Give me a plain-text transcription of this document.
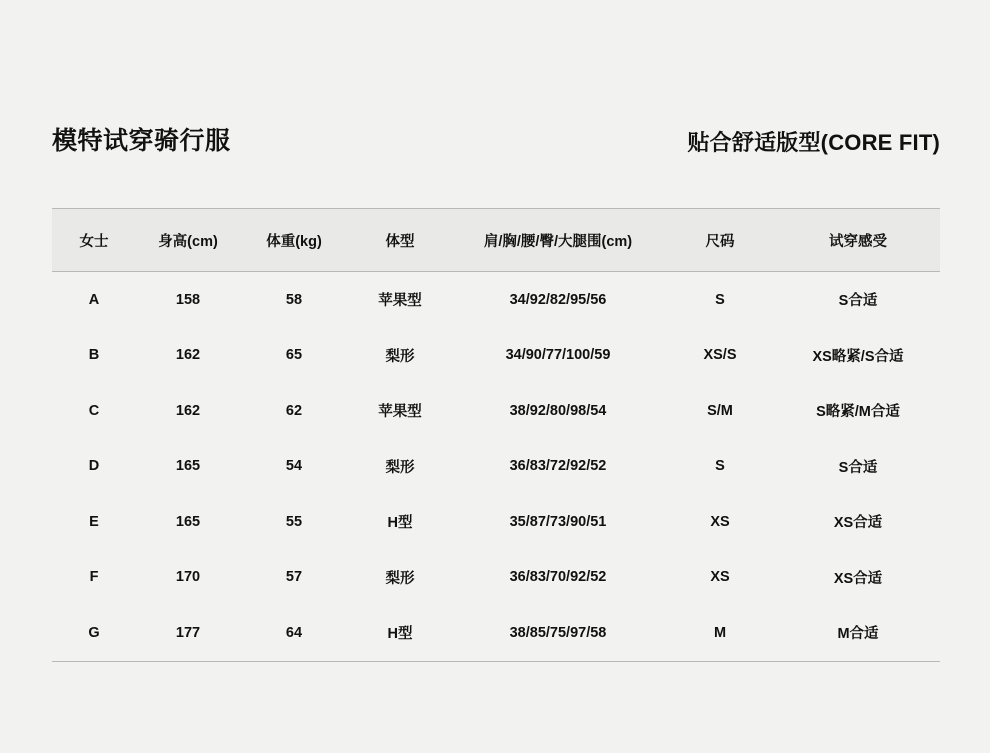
模特试穿骑行服	贴合舒适版型(CORE FIT)
女士	身高(cm)	体重(kg)	体型	肩/胸/腰/臀/大腿围(cm)	尺码	试穿感受
A	158	58	苹果型	34/92/82/95/56	S	S合适
B	162	65	梨形	34/90/77/100/59	XS/S	XS略紧/S合适
C	162	62	苹果型	38/92/80/98/54	S/M	S略紧/M合适
D	165	54	梨形	36/83/72/92/52	S	S合适
E	165	55	H型	35/87/73/90/51	XS	XS合适
F	170	57	梨形	36/83/70/92/52	XS	XS合适
G	177	64	H型	38/85/75/97/58	M	M合适
